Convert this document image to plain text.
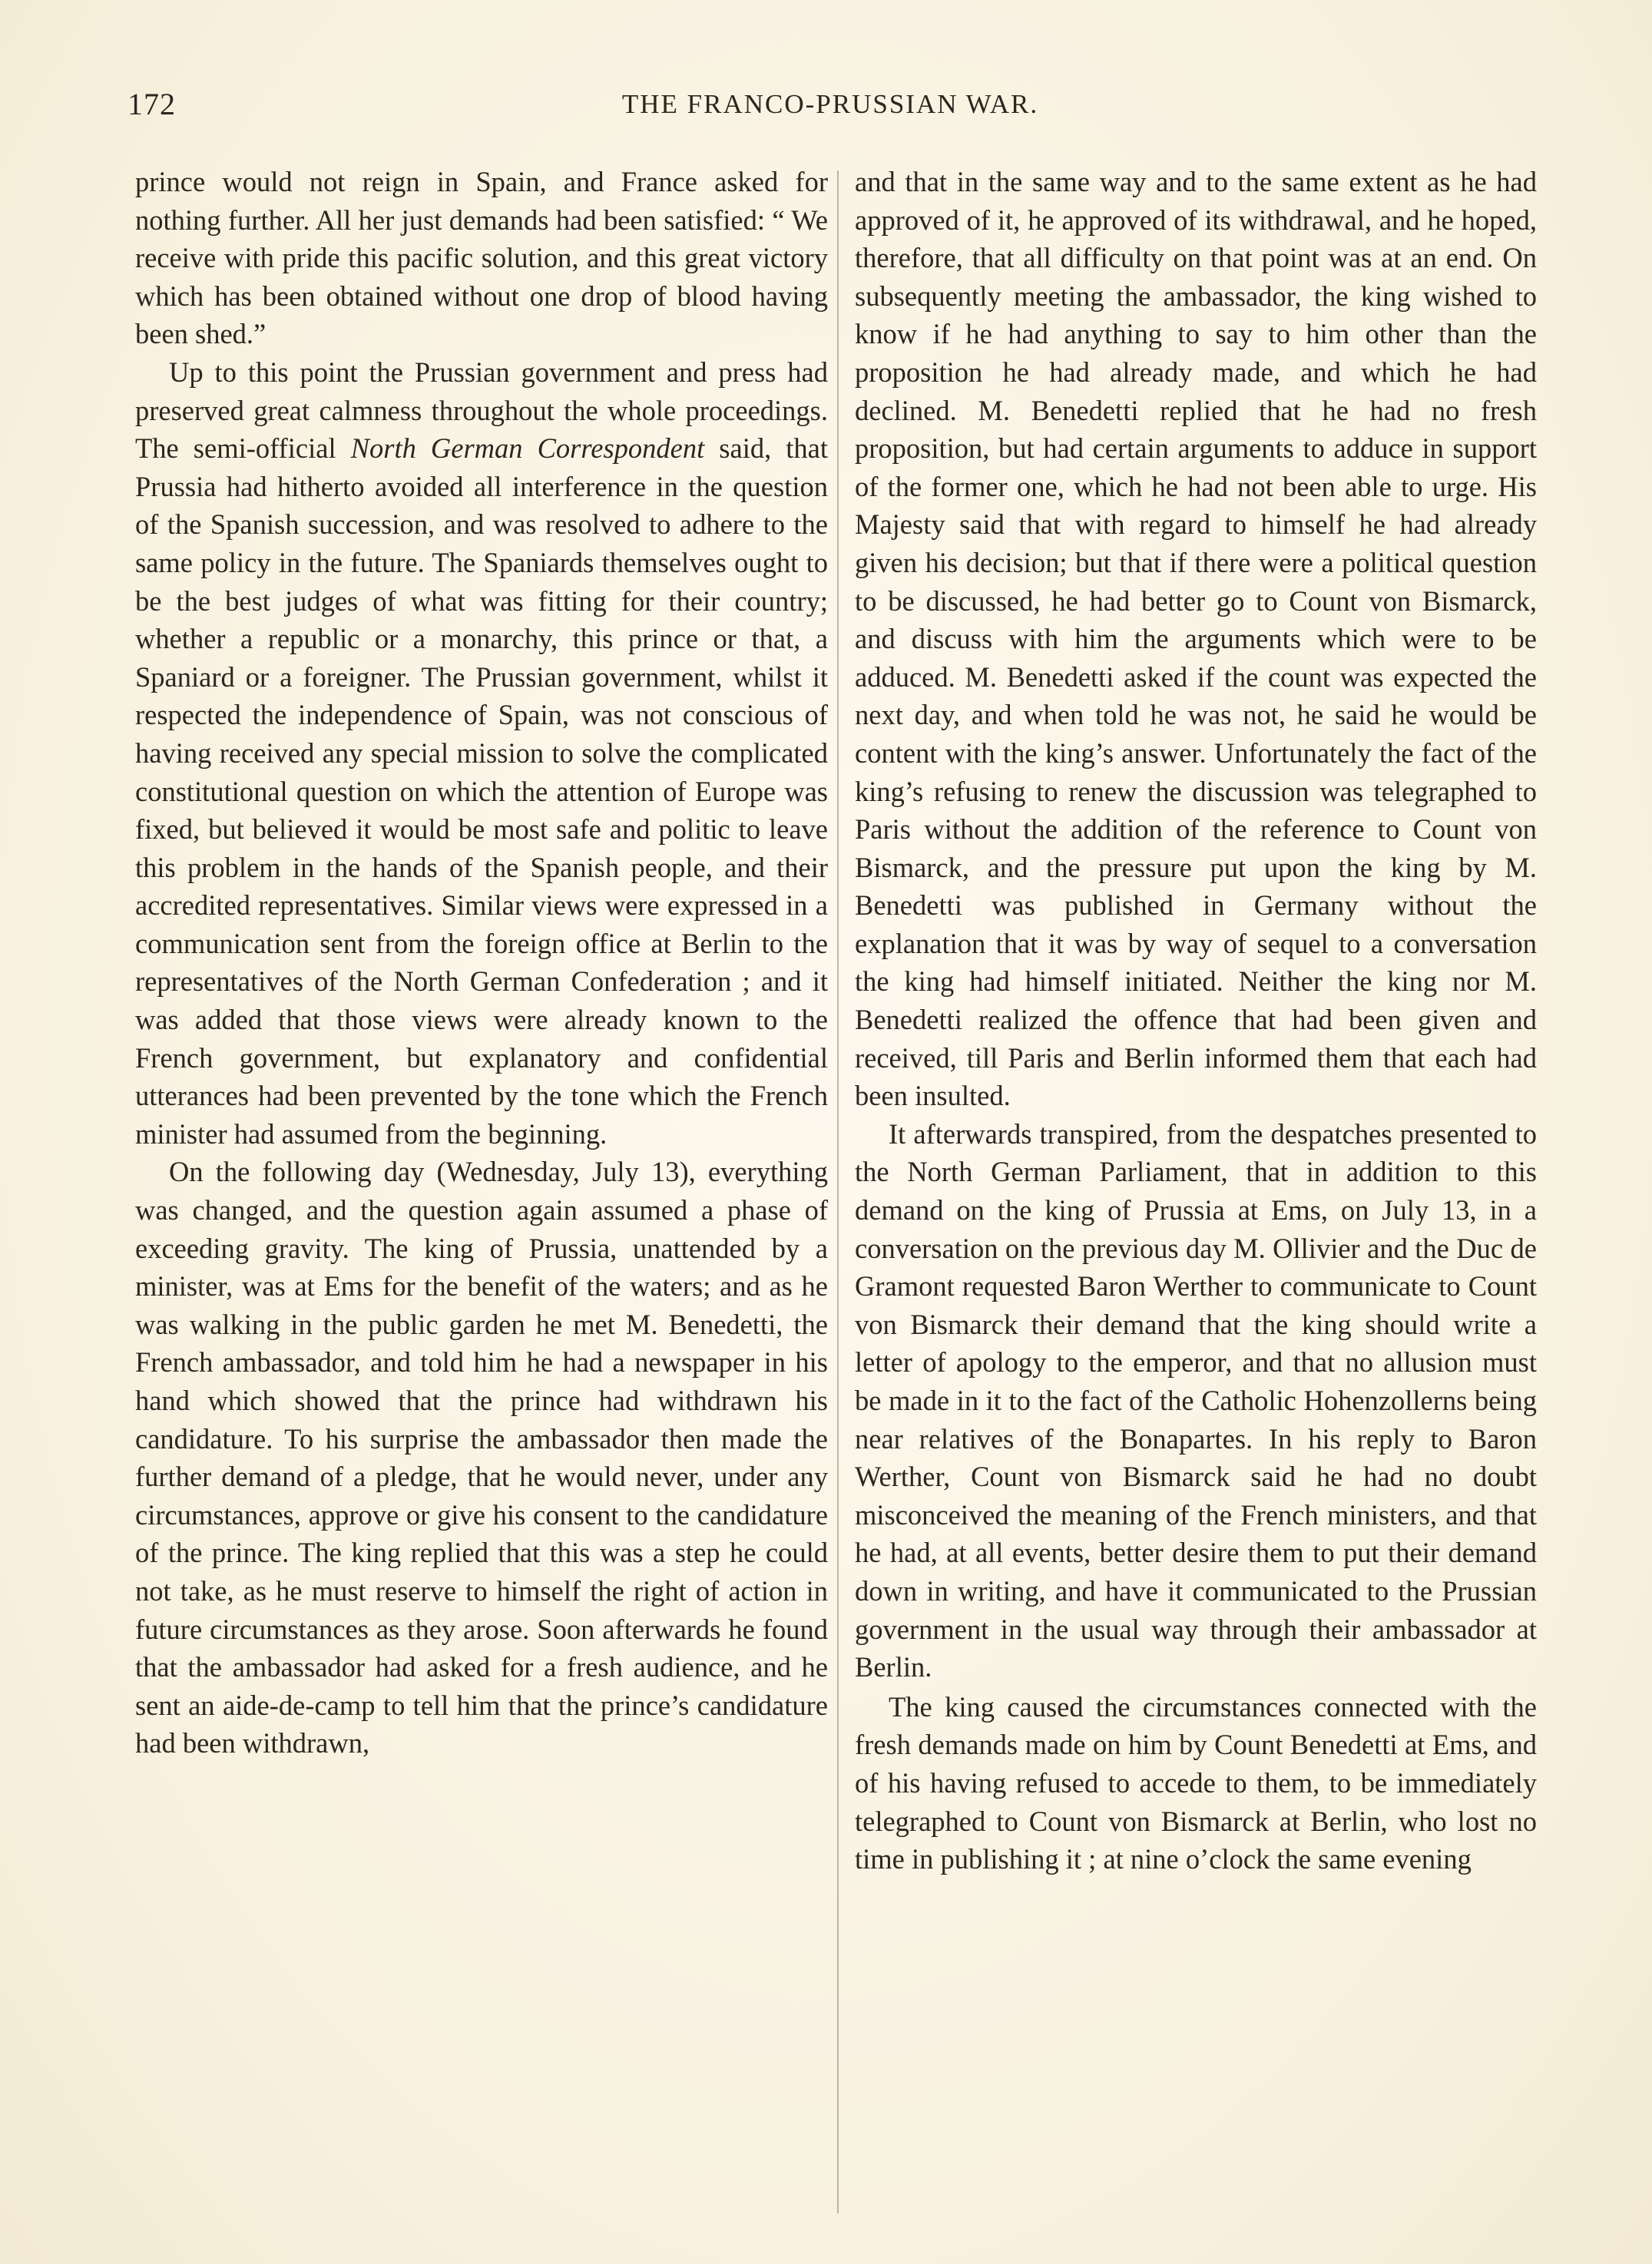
172	THE FRANCO-PRUSSIAN WAR.

prince would not reign in Spain, and France asked for nothing further. All her just demands had been satisfied: “ We receive with pride this pacific solution, and this great victory which has been obtained without one drop of blood having been shed.”

Up to this point the Prussian government and press had preserved great calmness throughout the whole proceedings. The semi-official North German Correspondent said, that Prussia had hitherto avoided all interference in the question of the Spanish succession, and was resolved to adhere to the same policy in the future. The Spaniards themselves ought to be the best judges of what was fitting for their country; whether a republic or a monarchy, this prince or that, a Spaniard or a foreigner. The Prussian government, whilst it respected the independence of Spain, was not conscious of having received any special mission to solve the complicated constitutional question on which the attention of Europe was fixed, but believed it would be most safe and politic to leave this problem in the hands of the Spanish people, and their accredited representatives. Similar views were expressed in a communication sent from the foreign office at Berlin to the representatives of the North German Confederation ; and it was added that those views were already known to the French government, but explanatory and confidential utterances had been prevented by the tone which the French minister had assumed from the beginning.

On the following day (Wednesday, July 13), everything was changed, and the question again assumed a phase of exceeding gravity. The king of Prussia, unattended by a minister, was at Ems for the benefit of the waters; and as he was walking in the public garden he met M. Benedetti, the French ambassador, and told him he had a newspaper in his hand which showed that the prince had withdrawn his candidature. To his surprise the ambassador then made the further demand of a pledge, that he would never, under any circumstances, approve or give his consent to the candidature of the prince. The king replied that this was a step he could not take, as he must reserve to himself the right of action in future circumstances as they arose. Soon afterwards he found that the ambassador had asked for a fresh audience, and he sent an aide-de-camp to tell him that the prince’s candidature had been withdrawn,

and that in the same way and to the same extent as he had approved of it, he approved of its withdrawal, and he hoped, therefore, that all difficulty on that point was at an end. On subsequently meeting the ambassador, the king wished to know if he had anything to say to him other than the proposition he had already made, and which he had declined. M. Benedetti replied that he had no fresh proposition, but had certain arguments to adduce in support of the former one, which he had not been able to urge. His Majesty said that with regard to himself he had already given his decision; but that if there were a political question to be discussed, he had better go to Count von Bismarck, and discuss with him the arguments which were to be adduced. M. Benedetti asked if the count was expected the next day, and when told he was not, he said he would be content with the king’s answer. Unfortunately the fact of the king’s refusing to renew the discussion was telegraphed to Paris without the addition of the reference to Count von Bismarck, and the pressure put upon the king by M. Benedetti was published in Germany without the explanation that it was by way of sequel to a conversation the king had himself initiated. Neither the king nor M. Benedetti realized the offence that had been given and received, till Paris and Berlin informed them that each had been insulted.

It afterwards transpired, from the despatches presented to the North German Parliament, that in addition to this demand on the king of Prussia at Ems, on July 13, in a conversation on the previous day M. Ollivier and the Duc de Gramont requested Baron Werther to communicate to Count von Bismarck their demand that the king should write a letter of apology to the emperor, and that no allusion must be made in it to the fact of the Catholic Hohenzollerns being near relatives of the Bonapartes. In his reply to Baron Werther, Count von Bismarck said he had no doubt misconceived the meaning of the French ministers, and that he had, at all events, better desire them to put their demand down in writing, and have it communicated to the Prussian government in the usual way through their ambassador at Berlin.

The king caused the circumstances connected with the fresh demands made on him by Count Benedetti at Ems, and of his having refused to accede to them, to be immediately telegraphed to Count von Bismarck at Berlin, who lost no time in publishing it ; at nine o’clock the same evening
